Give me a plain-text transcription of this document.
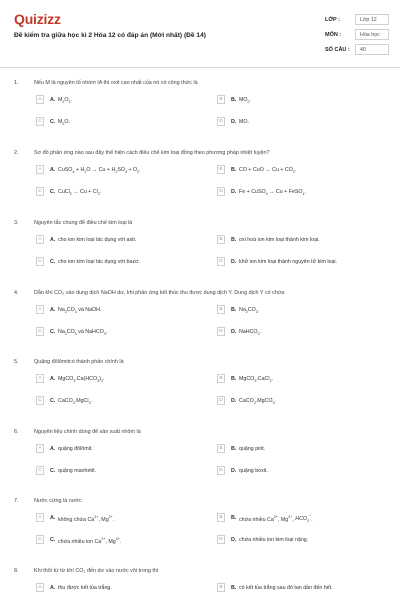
Quizizz
Đề kiểm tra giữa học kì 2 Hóa 12 có đáp án (Mới nhất) (Đề 14)
LỚP :	Lớp 12
MÔN :	Hóa học
SỐ CÂU :	40
1.	Nếu M là nguyên tố nhóm IA thì oxit cao nhất của nó có công thức là
A	A. $M_2O_3$.	B	B. $MO_2$.
C	C. $M_2O$.	D	D. MO.
2.	Sơ đồ phản ứng nào sau đây thể hiện cách điều chế kim loại đồng theo phương pháp nhiệt luyện?
A	A. CuSO$_4$ + $H_2O \to Cu + H_2SO_4 + O_2$.	B	B. CO + CuO → $Cu + CO_2$.
C	C. CuCl$_2$ → $Cu + Cl_2$.	D	D. Fe + CuSO$_4$ → Cu + FeSO$_4$.
3.	Nguyên tắc chung để điều chế kim loại là
A	A. cho ion kim loại tác dụng với axit.	B	B. oxi hoá ion kim loại thành kim loại.
C	C. cho ion kim loại tác dụng với bazơ.	D	D. khử ion kim loại thành nguyên tử kim loại.
4.	Dẫn khí CO₂ vào dung dịch NaOH dư, khi phản ứng kết thúc thu được dung dịch Y. Dung dịch Y có chứa
A	A. $Na_2CO_3$ và NaOH.	B	B. $Na_2CO_3$.
C	C. $Na_2CO_3$ và NaHCO$_3$.	D	D. NaHCO$_3$.
5.	Quặng đôlômitcó thành phần chính là
A	A. $MgCO_3.Ca(HCO_3)_2$.	B	B. MgCO$_3$.CaCl$_2$.
C	C. CaCO$_3$.MgCl$_2$.	D	D. CaCO$_3$.MgCO$_3$.
6.	Nguyên liệu chính dùng để sản xuất nhôm là
A	A. quặng đôlômit.	B	B. quặng pirit.
C	C. quặng manhetit.	D	D. quặng boxit.
7.	Nước cứng là nước
A	A. không chứa $Ca^{2+}$, $Mg^{2+}$.	B	B. chứa nhiều $Ca^{2+}$, $Mg^{2+}$, $HCO_3^-$.
C	C. chứa nhiều ion $Ca^{2+}$, $Mg^{2+}$.	D	D. chứa nhiều ion kim loại nặng.
8.	Khi thổi từ từ khí CO₂ đến dư vào nước vôi trong thì
A	A. thu được kết tủa trắng.	B	B. có kết tủa trắng sau đó tan dần đến hết.
